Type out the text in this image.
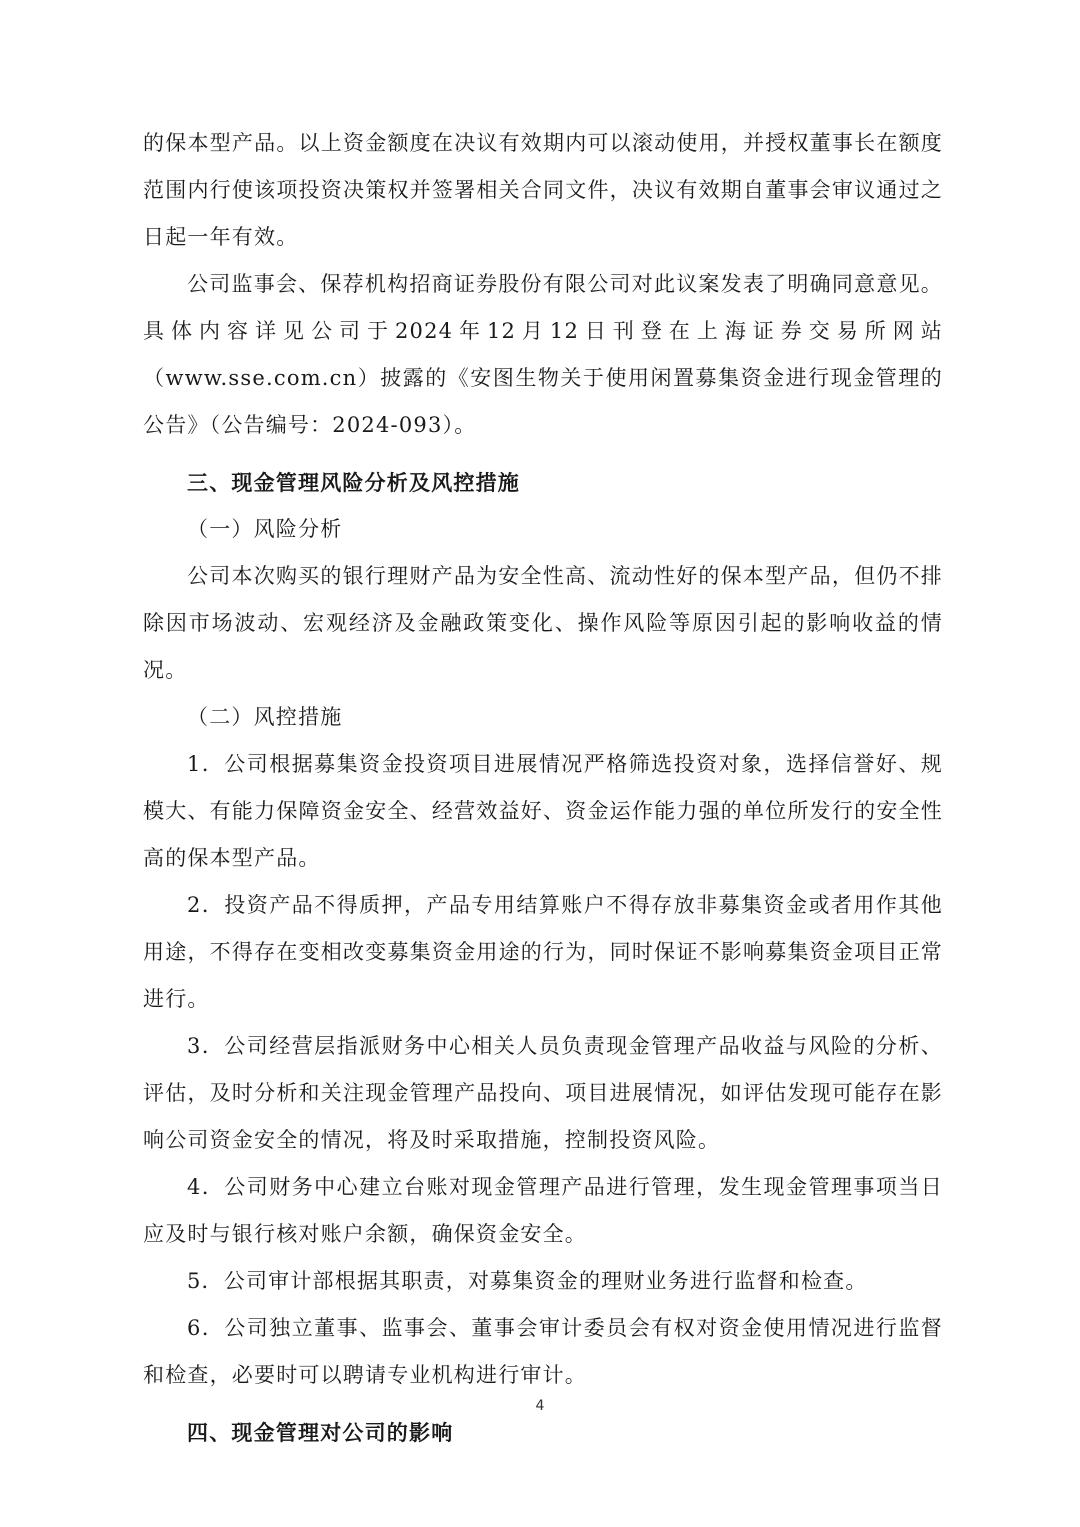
的保本型产品。以上资金额度在决议有效期内可以滚动使用，并授权董事长在额度范围内行使该项投资决策权并签署相关合同文件，决议有效期自董事会审议通过之日起一年有效。

公司监事会、保荐机构招商证券股份有限公司对此议案发表了明确同意意见。具体内容详见公司于2024年12月12日刊登在上海证券交易所网站（www.sse.com.cn）披露的《安图生物关于使用闲置募集资金进行现金管理的公告》（公告编号：2024-093）。

三、现金管理风险分析及风控措施

（一）风险分析

公司本次购买的银行理财产品为安全性高、流动性好的保本型产品，但仍不排除因市场波动、宏观经济及金融政策变化、操作风险等原因引起的影响收益的情况。

（二）风控措施

1．公司根据募集资金投资项目进展情况严格筛选投资对象，选择信誉好、规模大、有能力保障资金安全、经营效益好、资金运作能力强的单位所发行的安全性高的保本型产品。

2．投资产品不得质押，产品专用结算账户不得存放非募集资金或者用作其他用途，不得存在变相改变募集资金用途的行为，同时保证不影响募集资金项目正常进行。

3．公司经营层指派财务中心相关人员负责现金管理产品收益与风险的分析、评估，及时分析和关注现金管理产品投向、项目进展情况，如评估发现可能存在影响公司资金安全的情况，将及时采取措施，控制投资风险。

4．公司财务中心建立台账对现金管理产品进行管理，发生现金管理事项当日应及时与银行核对账户余额，确保资金安全。

5．公司审计部根据其职责，对募集资金的理财业务进行监督和检查。

6．公司独立董事、监事会、董事会审计委员会有权对资金使用情况进行监督和检查，必要时可以聘请专业机构进行审计。

四、现金管理对公司的影响
4
